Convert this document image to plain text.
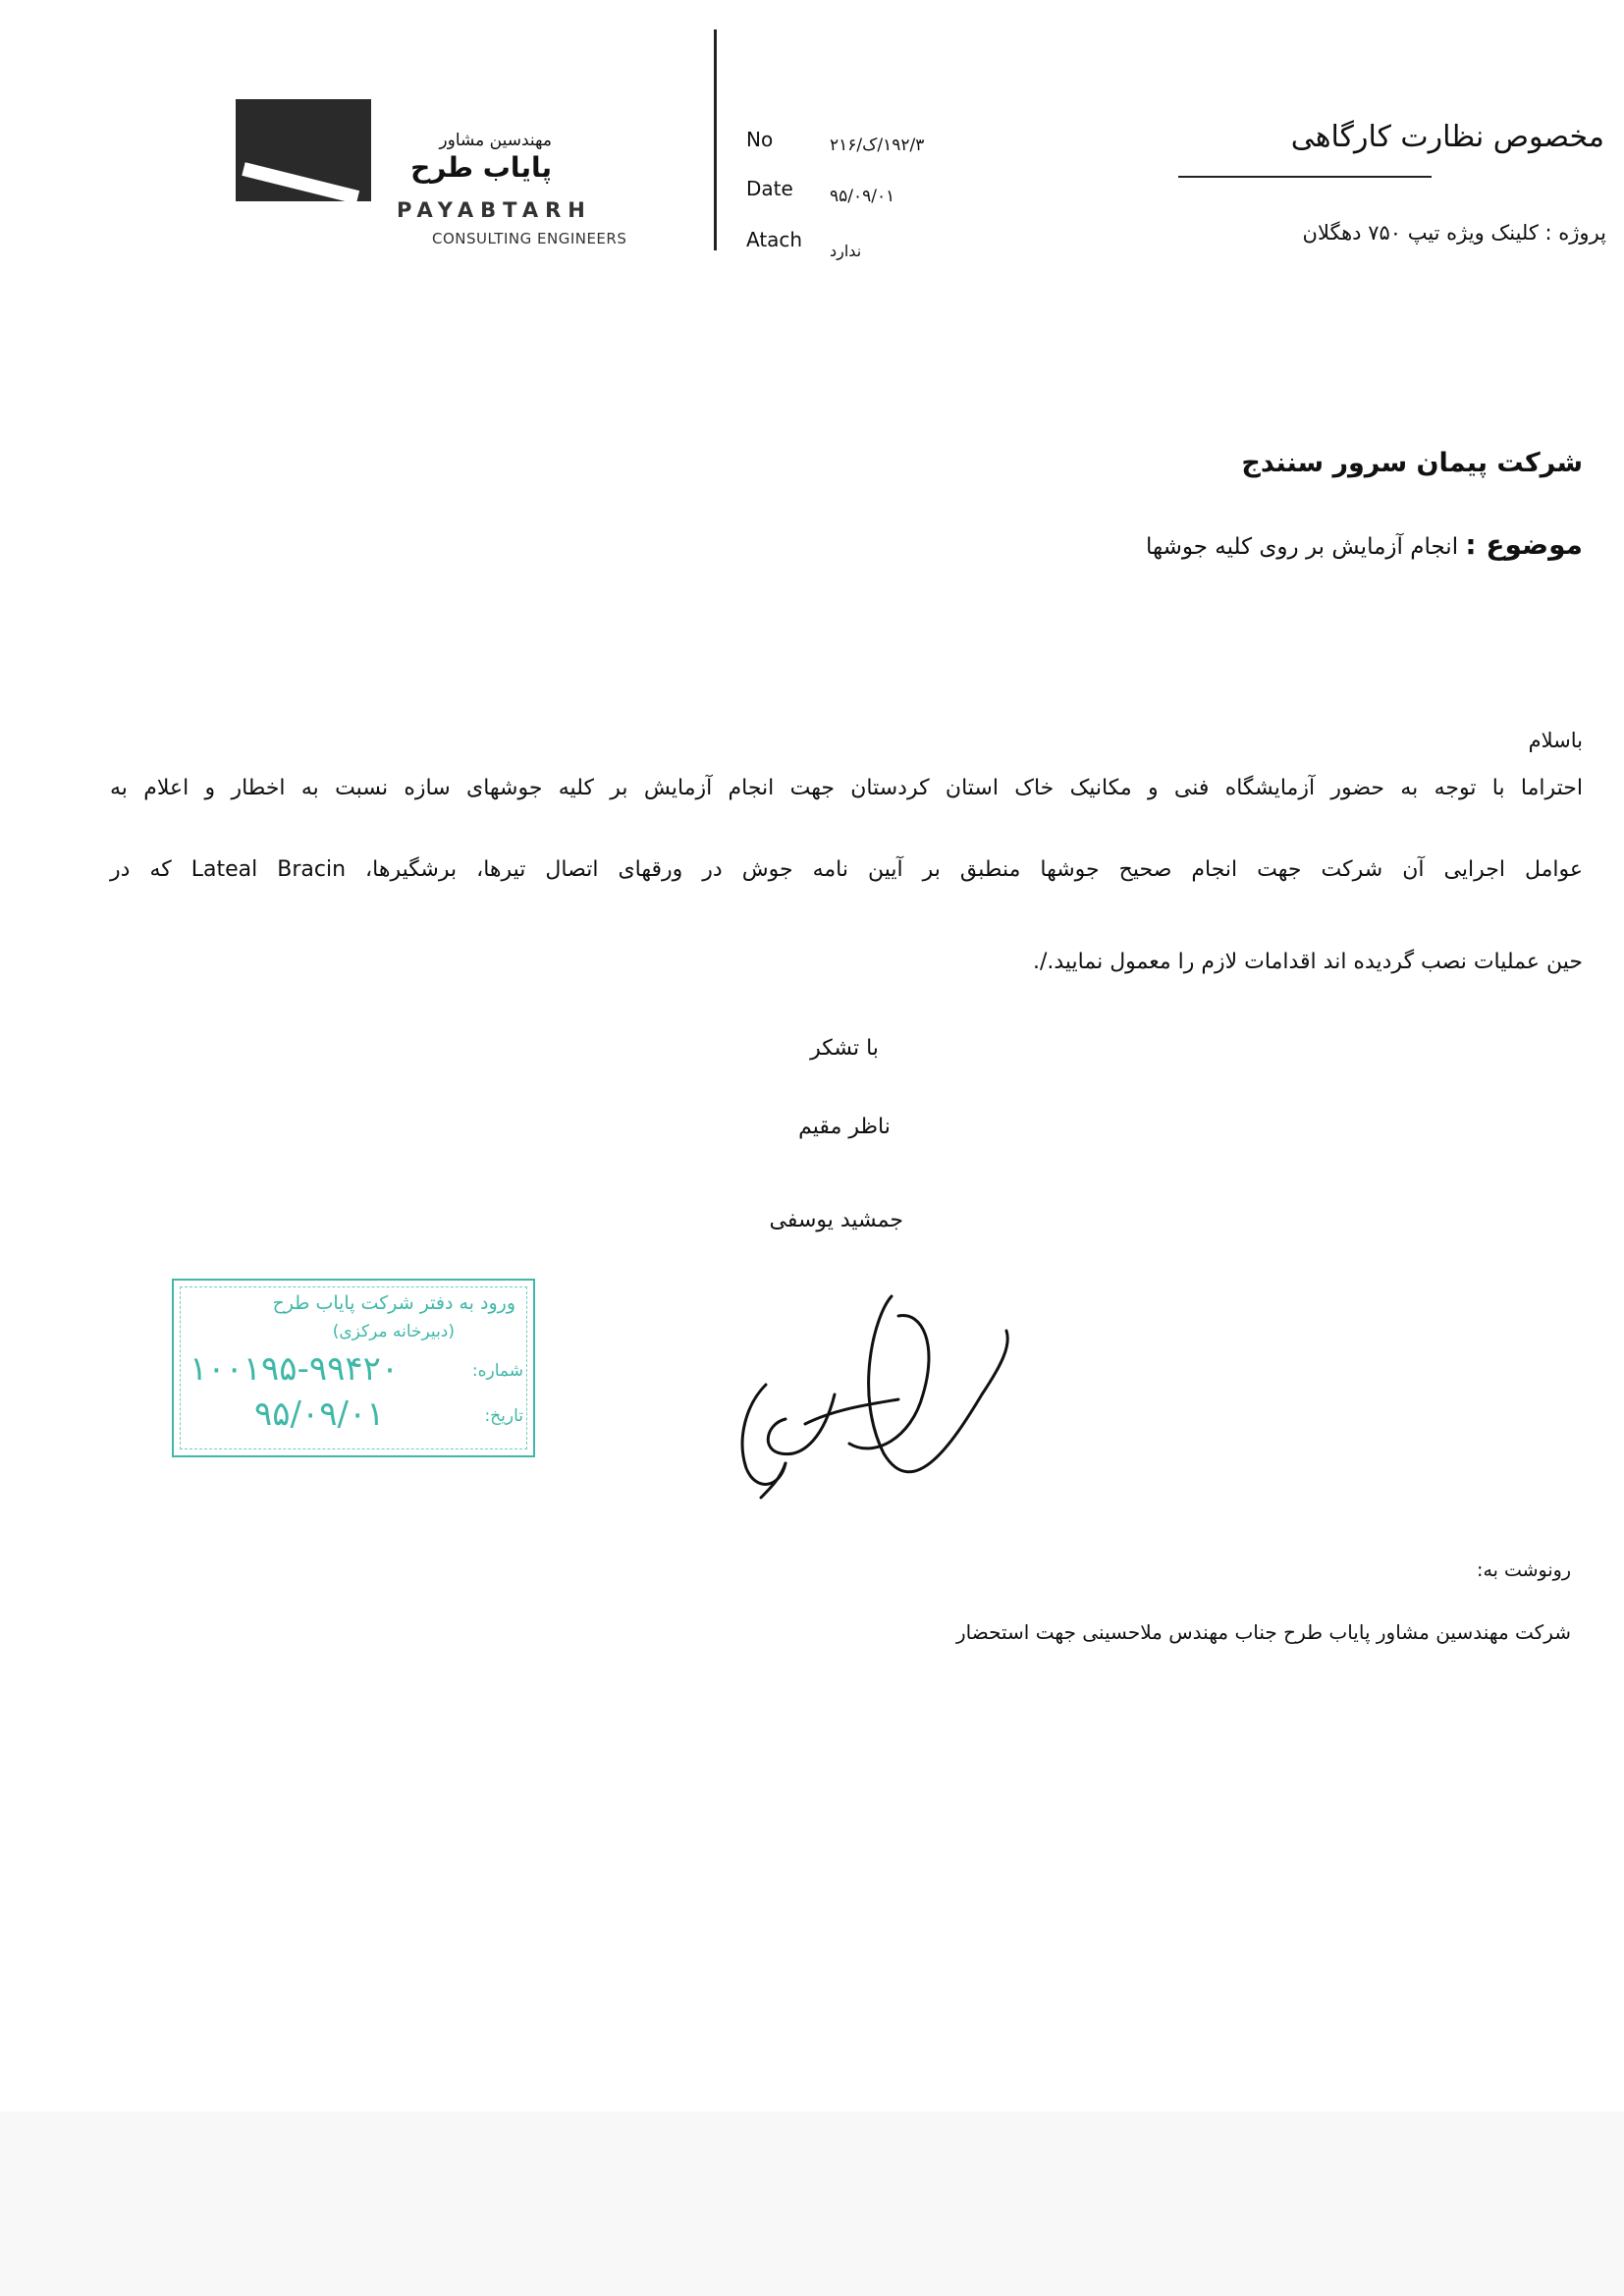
مهندسین مشاور
پایاب طرح
PAYABTARH
CONSULTING ENGINEERS
No	۱۹۲/۳/ک/۲۱۶
Date ۹۵/۰۹/۰۱
Atach ندارد
مخصوص نظارت کارگاهی
پروژه : کلینک ویژه تیپ ۷۵۰ دهگلان
شرکت پیمان سرور سنندج
موضوع : انجام آزمایش بر روی کلیه جوشها
باسلام
احتراما با توجه به حضور آزمایشگاه فنی و مکانیک خاک استان کردستان جهت انجام آزمایش بر کلیه جوشهای سازه نسبت به اخطار و اعلام به
عوامل اجرایی آن شرکت جهت انجام صحیح جوشها منطبق بر آیین نامه جوش در ورقهای اتصال تیرها، برشگیرها، Lateal Bracin که در
حین عملیات نصب گردیده اند اقدامات لازم را معمول نمایید./.
با تشکر
ناظر مقیم
جمشید یوسفی
ورود به دفتر شرکت پایاب طرح
(دبیرخانه مرکزی)
شماره:
۱۰۰۱۹۵-۹۹۴۲۰
تاریخ:
۹۵/۰۹/۰۱
رونوشت به:
شرکت مهندسین مشاور پایاب طرح جناب مهندس ملاحسینی جهت استحضار
